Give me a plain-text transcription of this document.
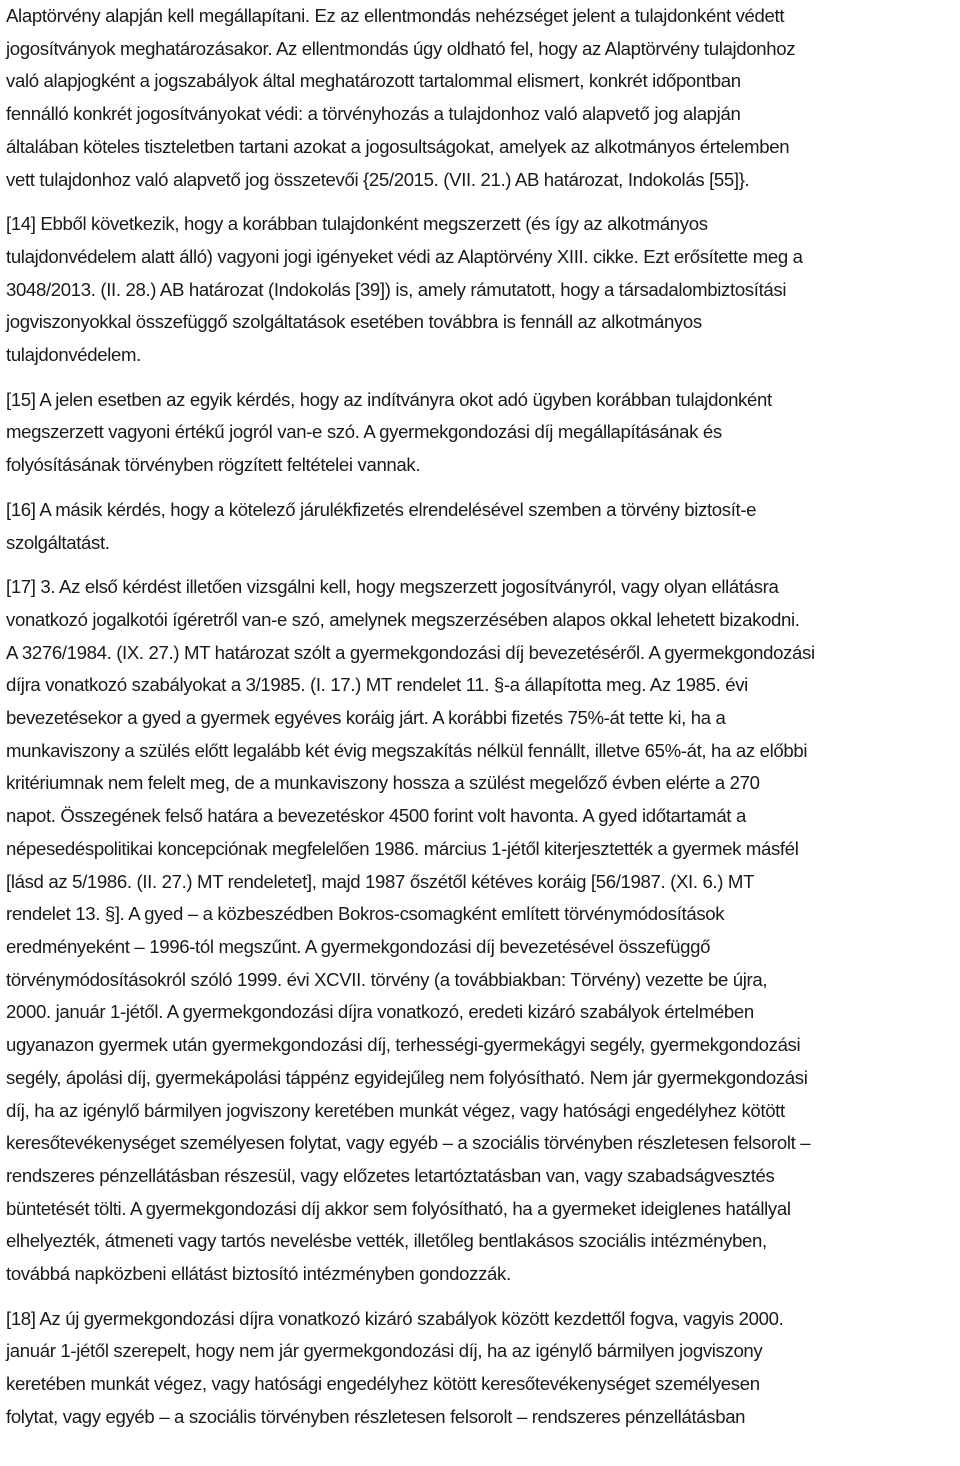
Alaptörvény alapján kell megállapítani. Ez az ellentmondás nehézséget jelent a tulajdonként védett
jogosítványok meghatározásakor. Az ellentmondás úgy oldható fel, hogy az Alaptörvény tulajdonhoz
való alapjogként a jogszabályok által meghatározott tartalommal elismert, konkrét időpontban
fennálló konkrét jogosítványokat védi: a törvényhozás a tulajdonhoz való alapvető jog alapján
általában köteles tiszteletben tartani azokat a jogosultságokat, amelyek az alkotmányos értelemben
vett tulajdonhoz való alapvető jog összetevői {25/2015. (VII. 21.) AB határozat, Indokolás [55]}.
[14] Ebből következik, hogy a korábban tulajdonként megszerzett (és így az alkotmányos
tulajdonvédelem alatt álló) vagyoni jogi igényeket védi az Alaptörvény XIII. cikke. Ezt erősítette meg a
3048/2013. (II. 28.) AB határozat (Indokolás [39]) is, amely rámutatott, hogy a társadalombiztosítási
jogviszonyokkal összefüggő szolgáltatások esetében továbbra is fennáll az alkotmányos
tulajdonvédelem.
[15] A jelen esetben az egyik kérdés, hogy az indítványra okot adó ügyben korábban tulajdonként
megszerzett vagyoni értékű jogról van-e szó. A gyermekgondozási díj megállapításának és
folyósításának törvényben rögzített feltételei vannak.
[16] A másik kérdés, hogy a kötelező járulékfizetés elrendelésével szemben a törvény biztosít-e
szolgáltatást.
[17] 3. Az első kérdést illetően vizsgálni kell, hogy megszerzett jogosítványról, vagy olyan ellátásra
vonatkozó jogalkotói ígéretről van-e szó, amelynek megszerzésében alapos okkal lehetett bizakodni.
A 3276/1984. (IX. 27.) MT határozat szólt a gyermekgondozási díj bevezetéséről. A gyermekgondozási
díjra vonatkozó szabályokat a 3/1985. (I. 17.) MT rendelet 11. §-a állapította meg. Az 1985. évi
bevezetésekor a gyed a gyermek egyéves koráig járt. A korábbi fizetés 75%-át tette ki, ha a
munkaviszony a szülés előtt legalább két évig megszakítás nélkül fennállt, illetve 65%-át, ha az előbbi
kritériumnak nem felelt meg, de a munkaviszony hossza a szülést megelőző évben elérte a 270
napot. Összegének felső határa a bevezetéskor 4500 forint volt havonta. A gyed időtartamát a
népesedéspolitikai koncepciónak megfelelően 1986. március 1-jétől kiterjesztették a gyermek másfél
[lásd az 5/1986. (II. 27.) MT rendeletet], majd 1987 őszétől kétéves koráig [56/1987. (XI. 6.) MT
rendelet 13. §]. A gyed – a közbeszédben Bokros-csomagként említett törvénymódosítások
eredményeként – 1996-tól megszűnt. A gyermekgondozási díj bevezetésével összefüggő
törvénymódosításokról szóló 1999. évi XCVII. törvény (a továbbiakban: Törvény) vezette be újra,
2000. január 1-jétől. A gyermekgondozási díjra vonatkozó, eredeti kizáró szabályok értelmében
ugyanazon gyermek után gyermekgondozási díj, terhességi-gyermekágyi segély, gyermekgondozási
segély, ápolási díj, gyermekápolási táppénz egyidejűleg nem folyósítható. Nem jár gyermekgondozási
díj, ha az igénylő bármilyen jogviszony keretében munkát végez, vagy hatósági engedélyhez kötött
keresőtevékenységet személyesen folytat, vagy egyéb – a szociális törvényben részletesen felsorolt –
rendszeres pénzellátásban részesül, vagy előzetes letartóztatásban van, vagy szabadságvesztés
büntetését tölti. A gyermekgondozási díj akkor sem folyósítható, ha a gyermeket ideiglenes hatállyal
elhelyezték, átmeneti vagy tartós nevelésbe vették, illetőleg bentlakásos szociális intézményben,
továbbá napközbeni ellátást biztosító intézményben gondozzák.
[18] Az új gyermekgondozási díjra vonatkozó kizáró szabályok között kezdettől fogva, vagyis 2000.
január 1-jétől szerepelt, hogy nem jár gyermekgondozási díj, ha az igénylő bármilyen jogviszony
keretében munkát végez, vagy hatósági engedélyhez kötött keresőtevékenységet személyesen
folytat, vagy egyéb – a szociális törvényben részletesen felsorolt – rendszeres pénzellátásban
